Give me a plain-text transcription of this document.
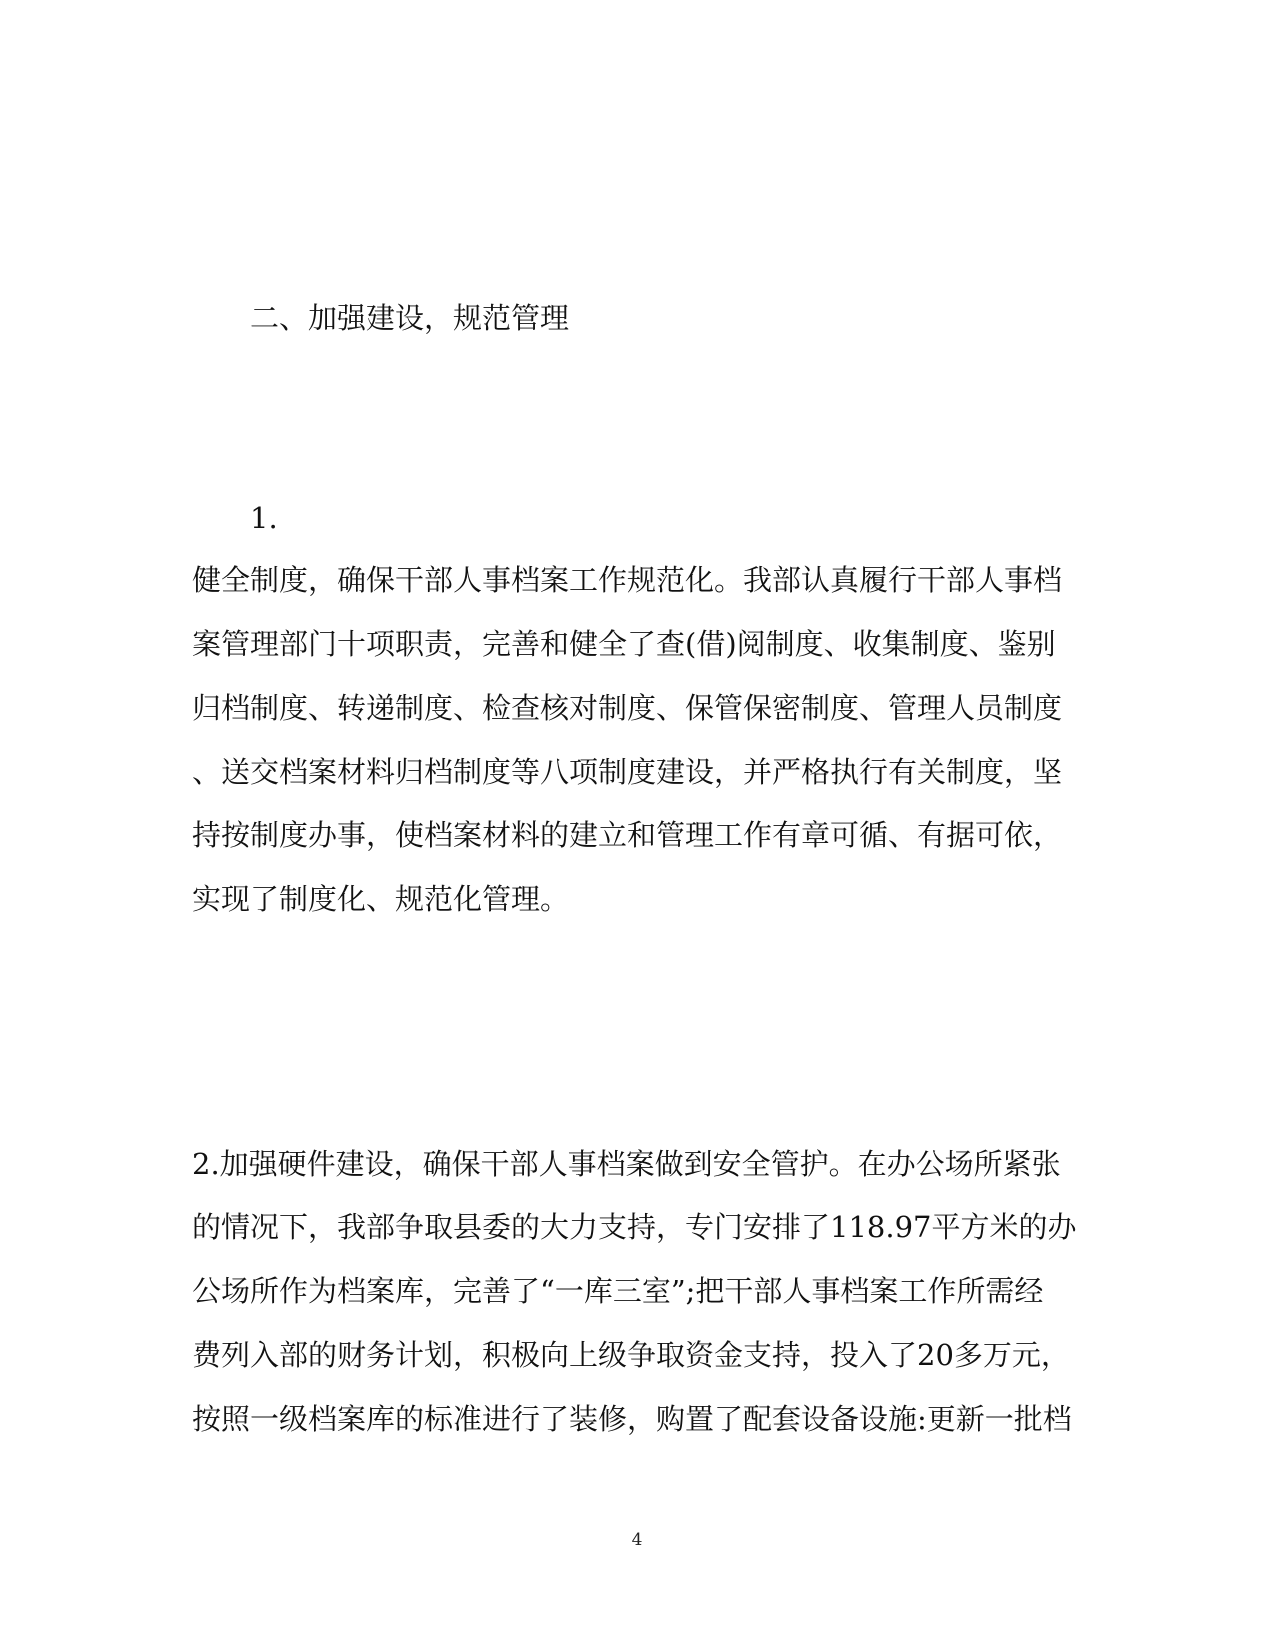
二、加强建设，规范管理
1.
健全制度，确保干部人事档案工作规范化。我部认真履行干部人事档
案管理部门十项职责，完善和健全了查(借)阅制度、收集制度、鉴别
归档制度、转递制度、检查核对制度、保管保密制度、管理人员制度
、送交档案材料归档制度等八项制度建设，并严格执行有关制度，坚
持按制度办事，使档案材料的建立和管理工作有章可循、有据可依，
实现了制度化、规范化管理。
2.加强硬件建设，确保干部人事档案做到安全管护。在办公场所紧张
的情况下，我部争取县委的大力支持，专门安排了118.97平方米的办
公场所作为档案库，完善了“一库三室”;把干部人事档案工作所需经
费列入部的财务计划，积极向上级争取资金支持，投入了20多万元，
按照一级档案库的标准进行了装修，购置了配套设备设施:更新一批档
4
